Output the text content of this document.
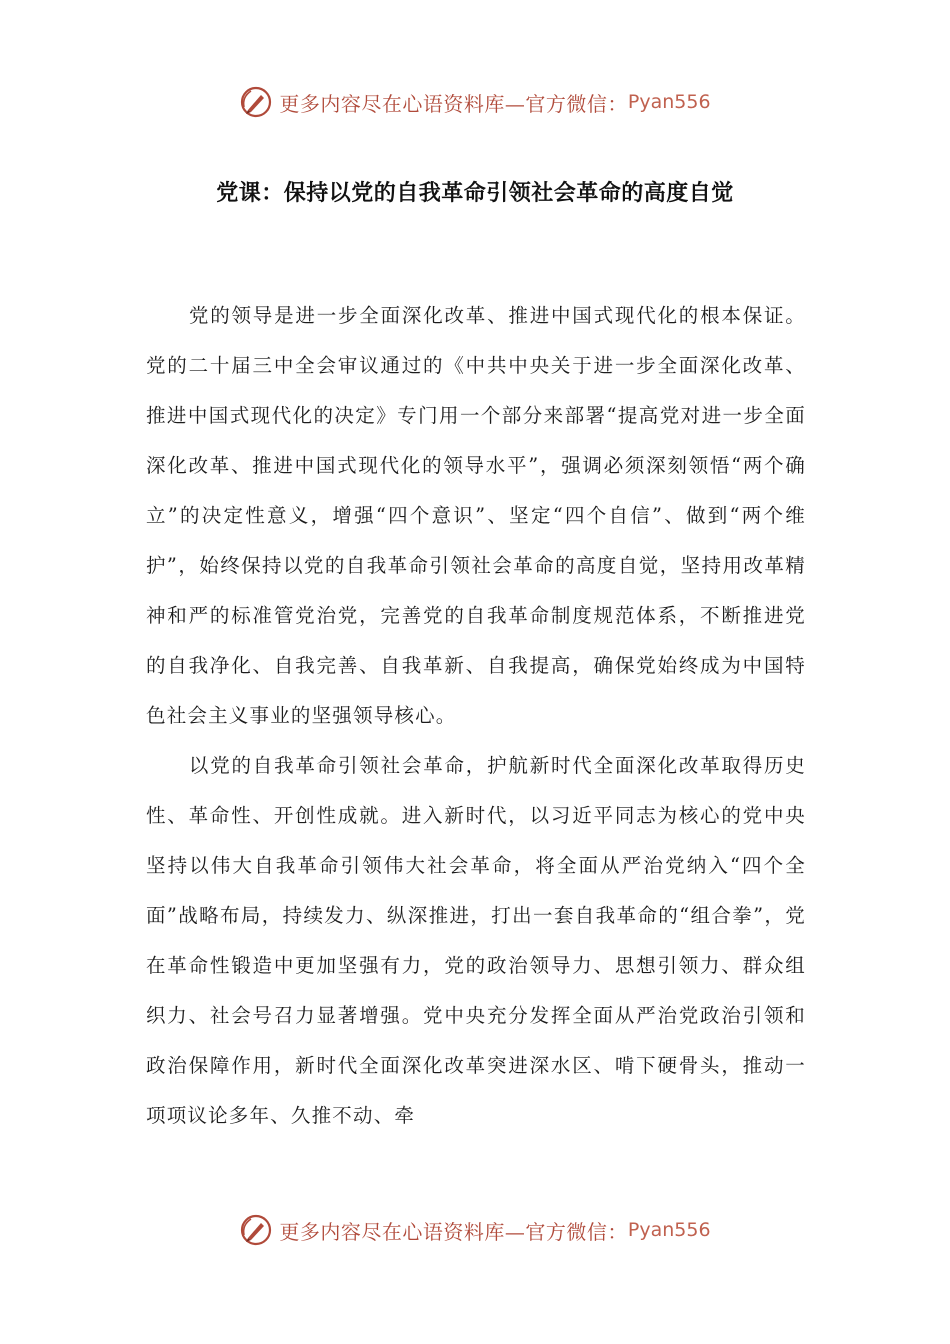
更多内容尽在心语资料库—官方微信： Pyan556
党课：保持以党的自我革命引领社会革命的高度自觉

党的领导是进一步全面深化改革、推进中国式现代化的根本保证。党的二十届三中全会审议通过的《中共中央关于进一步全面深化改革、推进中国式现代化的决定》专门用一个部分来部署“提高党对进一步全面深化改革、推进中国式现代化的领导水平”，强调必须深刻领悟“两个确立”的决定性意义，增强“四个意识”、坚定“四个自信”、做到“两个维护”，始终保持以党的自我革命引领社会革命的高度自觉，坚持用改革精神和严的标准管党治党，完善党的自我革命制度规范体系，不断推进党的自我净化、自我完善、自我革新、自我提高，确保党始终成为中国特色社会主义事业的坚强领导核心。

以党的自我革命引领社会革命，护航新时代全面深化改革取得历史性、革命性、开创性成就。进入新时代，以习近平同志为核心的党中央坚持以伟大自我革命引领伟大社会革命，将全面从严治党纳入“四个全面”战略布局，持续发力、纵深推进，打出一套自我革命的“组合拳”，党在革命性锻造中更加坚强有力，党的政治领导力、思想引领力、群众组织力、社会号召力显著增强。党中央充分发挥全面从严治党政治引领和政治保障作用，新时代全面深化改革突进深水区、啃下硬骨头，推动一项项议论多年、久推不动、牵

更多内容尽在心语资料库—官方微信： Pyan556
